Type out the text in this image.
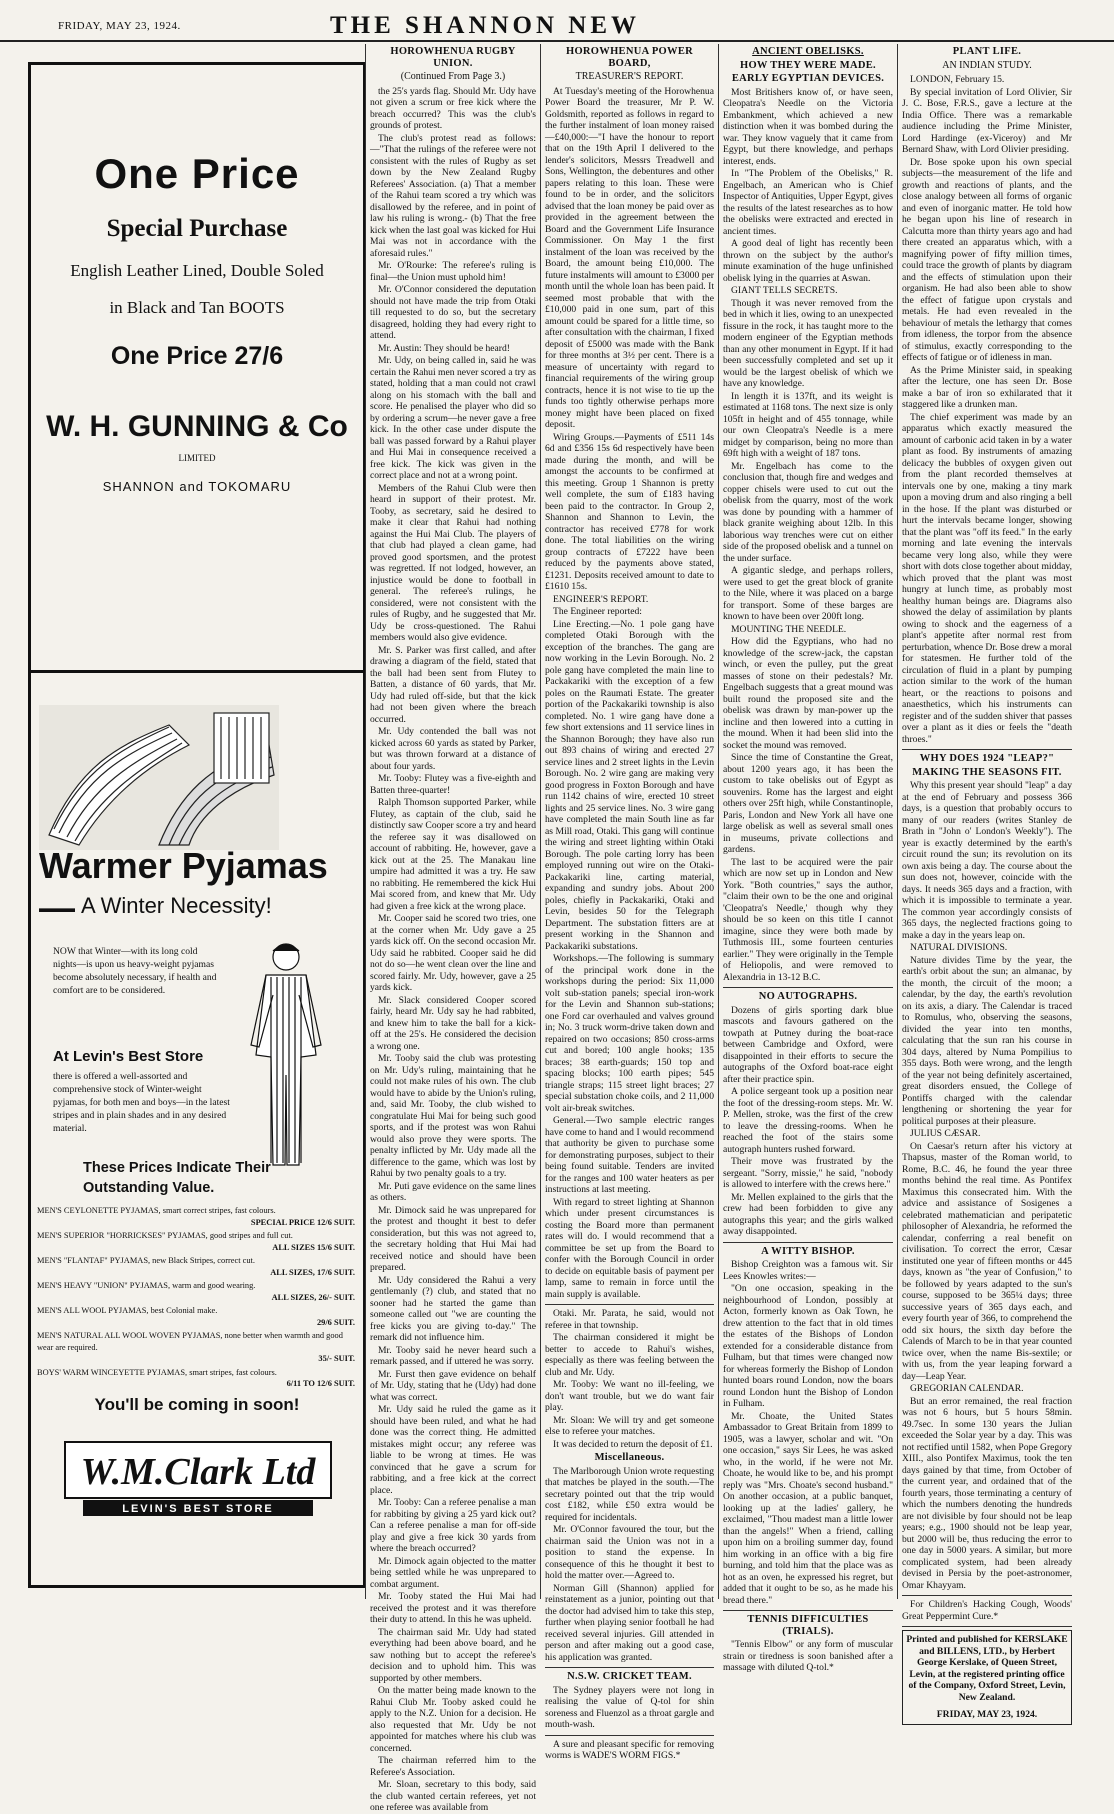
FRIDAY, MAY 23, 1924.	THE SHANNON NEW
One Price
Special Purchase
English Leather Lined, Double Soled
in Black and Tan BOOTS
One Price 27/6
W. H. GUNNING & Co
LIMITED
SHANNON and TOKOMARU
Warmer Pyjamas— A Winter Necessity!
NOW that Winter—with its long cold nights—is upon us heavy-weight pyjamas become absolutely necessary, if health and comfort are to be considered.
At Levin's Best Store
there is offered a well-assorted and comprehensive stock of Winter-weight pyjamas, for both men and boys—in the latest stripes and in plain shades and in any desired material.
These Prices Indicate Their Outstanding Value.
MEN'S CEYLONETTE PYJAMAS, smart correct stripes, fast colours.
SPECIAL PRICE 12/6 SUIT.
MEN'S SUPERIOR "HORRICKSES" PYJAMAS, good stripes and full cut.
ALL SIZES 15/6 SUIT.
MEN'S "FLANTAF" PYJAMAS, new Black Stripes, correct cut.
ALL SIZES, 17/6 SUIT.
MEN'S HEAVY "UNION" PYJAMAS, warm and good wearing.
ALL SIZES, 26/- SUIT.
MEN'S ALL WOOL PYJAMAS, best Colonial make.
29/6 SUIT.
MEN'S NATURAL ALL WOOL WOVEN PYJAMAS, none better when warmth and good wear are required.
35/- SUIT.
BOYS' WARM WINCEYETTE PYJAMAS, smart stripes, fast colours.
6/11 TO 12/6 SUIT.
You'll be coming in soon!
W.M.Clark Ltd
LEVIN'S BEST STORE
HOROWHENUA RUGBY UNION.
(Continued From Page 3.)

the 25's yards flag. Should Mr. Udy have not given a scrum or free kick where the breach occurred? This was the club's grounds of protest.

The club's protest read as follows:—"That the rulings of the referee were not consistent with the rules of Rugby as set down by the New Zealand Rugby Referees' Association. (a) That a member of the Rahui team scored a try which was disallowed by the referee, and in point of law his ruling is wrong.- (b) That the free kick when the last goal was kicked for Hui Mai was not in accordance with the aforesaid rules."

Mr. O'Rourke: The referee's ruling is final—the Union must uphold him!

Mr. O'Connor considered the deputation should not have made the trip from Otaki till requested to do so, but the secretary disagreed, holding they had every right to attend.

Mr. Austin: They should be heard!

Mr. Udy, on being called in, said he was certain the Rahui men never scored a try as stated, holding that a man could not crawl along on his stomach with the ball and score. He penalised the player who did so by ordering a scrum—he never gave a free kick. In the other case under dispute the ball was passed forward by a Rahui player and Hui Mai in consequence received a free kick. The kick was given in the correct place and not at a wrong point.

Members of the Rahui Club were then heard in support of their protest. Mr. Tooby, as secretary, said he desired to make it clear that Rahui had nothing against the Hui Mai Club. The players of that club had played a clean game, had proved good sportsmen, and the protest was regretted. If not lodged, however, an injustice would be done to football in general. The referee's rulings, he considered, were not consistent with the rules of Rugby, and he suggested that Mr. Udy be cross-questioned. The Rahui members would also give evidence.

Mr. S. Parker was first called, and after drawing a diagram of the field, stated that the ball had been sent from Flutey to Batten, a distance of 60 yards, that Mr. Udy had ruled off-side, but that the kick had not been given where the breach occurred.

Mr. Udy contended the ball was not kicked across 60 yards as stated by Parker, but was thrown forward at a distance of about four yards.

Mr. Tooby: Flutey was a five-eighth and Batten three-quarter!

Ralph Thomson supported Parker, while Flutey, as captain of the club, said he distinctly saw Cooper score a try and heard the referee say it was disallowed on account of rabbiting. He, however, gave a kick out at the 25. The Manakau line umpire had admitted it was a try. He saw no rabbiting. He remembered the kick Hui Mai scored from, and knew that Mr. Udy had given a free kick at the wrong place.

Mr. Cooper said he scored two tries, one at the corner when Mr. Udy gave a 25 yards kick off. On the second occasion Mr. Udy said he rabbited. Cooper said he did not do so—he went clean over the line and scored fairly. Mr. Udy, however, gave a 25 yards kick.

Mr. Slack considered Cooper scored fairly, heard Mr. Udy say he had rabbited, and knew him to take the ball for a kick-off at the 25's. He considered the decision a wrong one.

Mr. Tooby said the club was protesting on Mr. Udy's ruling, maintaining that he could not make rules of his own. The club would have to abide by the Union's ruling, and, said Mr. Tooby, the club wished to congratulate Hui Mai for being such good sports, and if the protest was won Rahui would also prove they were sports. The penalty inflicted by Mr. Udy made all the difference to the game, which was lost by Rahui by two penalty goals to a try.

Mr. Puti gave evidence on the same lines as others.

Mr. Dimock said he was unprepared for the protest and thought it best to defer consideration, but this was not agreed to, the secretary holding that Hui Mai had received notice and should have been prepared.

Mr. Udy considered the Rahui a very gentlemanly (?) club, and stated that no sooner had he started the game than someone called out "we are counting the free kicks you are giving to-day." The remark did not influence him.

Mr. Tooby said he never heard such a remark passed, and if uttered he was sorry.

Mr. Furst then gave evidence on behalf of Mr. Udy, stating that he (Udy) had done what was correct.

Mr. Udy said he ruled the game as it should have been ruled, and what he had done was the correct thing. He admitted mistakes might occur; any referee was liable to be wrong at times. He was convinced that he gave a scrum for rabbiting, and a free kick at the correct place.

Mr. Tooby: Can a referee penalise a man for rabbiting by giving a 25 yard kick out? Can a referee penalise a man for off-side play and give a free kick 30 yards from where the breach occurred?

Mr. Dimock again objected to the matter being settled while he was unprepared to combat argument.

Mr. Tooby stated the Hui Mai had received the protest and it was therefore their duty to attend. In this he was upheld.

The chairman said Mr. Udy had stated everything had been above board, and he saw nothing but to accept the referee's decision and to uphold him. This was supported by other members.

On the matter being made known to the Rahui Club Mr. Tooby asked could he apply to the N.Z. Union for a decision. He also requested that Mr. Udy be not appointed for matches where his club was concerned.

The chairman referred him to the Referee's Association.

Mr. Sloan, secretary to this body, said the club wanted certain referees, yet not one referee was available from

HOROWHENUA POWER BOARD,
TREASURER'S REPORT.

At Tuesday's meeting of the Horowhenua Power Board the treasurer, Mr P. W. Goldsmith, reported as follows in regard to the further instalment of loan money raised—£40,000:—"I have the honour to report that on the 19th April I delivered to the lender's solicitors, Messrs Treadwell and Sons, Wellington, the debentures and other papers relating to this loan. These were found to be in order, and the solicitors advised that the loan money be paid over as provided in the agreement between the Board and the Government Life Insurance Commissioner. On May 1 the first instalment of the loan was received by the Board, the amount being £10,000. The future instalments will amount to £3000 per month until the whole loan has been paid. It seemed most probable that with the £10,000 paid in one sum, part of this amount could be spared for a little time, so after consultation with the chairman, I fixed deposit of £5000 was made with the Bank for three months at 3½ per cent. There is a measure of uncertainty with regard to financial requirements of the wiring group contracts, hence it is not wise to tie up the funds too tightly otherwise perhaps more money might have been placed on fixed deposit.

Wiring Groups.—Payments of £511 14s 6d and £356 15s 6d respectively have been made during the month, and will be amongst the accounts to be confirmed at this meeting. Group 1 Shannon is pretty well complete, the sum of £183 having been paid to the contractor. In Group 2, Shannon and Shannon to Levin, the contractor has received £778 for work done. The total liabilities on the wiring group contracts of £7222 have been reduced by the payments above stated, £1231. Deposits received amount to date to £1610 15s.

ENGINEER'S REPORT.

The Engineer reported:

Line Erecting.—No. 1 pole gang have completed Otaki Borough with the exception of the branches. The gang are now working in the Levin Borough. No. 2 pole gang have completed the main line to Packakariki with the exception of a few poles on the Raumati Estate. The greater portion of the Packakariki township is also completed. No. 1 wire gang have done a few short extensions and 11 service lines in the Shannon Borough; they have also run out 893 chains of wiring and erected 27 service lines and 2 street lights in the Levin Borough. No. 2 wire gang are making very good progress in Foxton Borough and have run 1142 chains of wire, erected 10 street lights and 25 service lines. No. 3 wire gang have completed the main South line as far as Mill road, Otaki. This gang will continue the wiring and street lighting within Otaki Borough. The pole carting lorry has been employed running out wire on the Otaki-Packakariki line, carting material, expanding and sundry jobs. About 200 poles, chiefly in Packakariki, Otaki and Levin, besides 50 for the Telegraph Department. The substation fitters are at present working in the Shannon and Packakariki substations.

Workshops.—The following is summary of the principal work done in the workshops during the period: Six 11,000 volt sub-station panels; special iron-work for the Levin and Shannon sub-stations; one Ford car overhauled and valves ground in; No. 3 truck worm-drive taken down and repaired on two occasions; 850 cross-arms cut and bored; 100 angle hooks; 135 braces; 38 earth-guards; 150 top and spacing blocks; 100 earth pipes; 545 triangle straps; 115 street light braces; 27 special substation choke coils, and 2 11,000 volt air-break switches.

General.—Two sample electric ranges have come to hand and I would recommend that authority be given to purchase some for demonstrating purposes, subject to their being found suitable. Tenders are invited for the ranges and 100 water heaters as per instructions at last meeting.

With regard to street lighting at Shannon which under present circumstances is costing the Board more than permanent rates will do. I would recommend that a committee be set up from the Board to confer with the Borough Council in order to decide on equitable basis of payment per lamp, same to remain in force until the main supply is available.

Otaki. Mr. Parata, he said, would not referee in that township.

The chairman considered it might be better to accede to Rahui's wishes, especially as there was feeling between the club and Mr. Udy.

Mr. Tooby: We want no ill-feeling, we don't want trouble, but we do want fair play.

Mr. Sloan: We will try and get someone else to referee your matches.

It was decided to return the deposit of £1.

Miscellaneous.

The Marlborough Union wrote requesting that matches be played in the south.—The secretary pointed out that the trip would cost £182, while £50 extra would be required for incidentals.

Mr. O'Connor favoured the tour, but the chairman said the Union was not in a position to stand the expense. In consequence of this he thought it best to hold the matter over.—Agreed to.

Norman Gill (Shannon) applied for reinstatement as a junior, pointing out that the doctor had advised him to take this step, further when playing senior football he had received several injuries. Gill attended in person and after making out a good case, his application was granted.

N.S.W. CRICKET TEAM.

The Sydney players were not long in realising the value of Q-tol for shin soreness and Fluenzol as a throat gargle and mouth-wash.

A sure and pleasant specific for removing worms is WADE'S WORM FIGS.*

ANCIENT OBELISKS.
HOW THEY WERE MADE.
EARLY EGYPTIAN DEVICES.

Most Britishers know of, or have seen, Cleopatra's Needle on the Victoria Embankment, which achieved a new distinction when it was bombed during the war. They know vaguely that it came from Egypt, but there knowledge, and perhaps interest, ends.

In "The Problem of the Obelisks," R. Engelbach, an American who is Chief Inspector of Antiquities, Upper Egypt, gives the results of the latest researches as to how the obelisks were extracted and erected in ancient times.

A good deal of light has recently been thrown on the subject by the author's minute examination of the huge unfinished obelisk lying in the quarries at Aswan.

GIANT TELLS SECRETS.

Though it was never removed from the bed in which it lies, owing to an unexpected fissure in the rock, it has taught more to the modern engineer of the Egyptian methods than any other monument in Egypt. If it had been successfully completed and set up it would be the largest obelisk of which we have any knowledge.

In length it is 137ft, and its weight is estimated at 1168 tons. The next size is only 105ft in height and of 455 tonnage, while our own Cleopatra's Needle is a mere midget by comparison, being no more than 69ft high with a weight of 187 tons.

Mr. Engelbach has come to the conclusion that, though fire and wedges and copper chisels were used to cut out the obelisk from the quarry, most of the work was done by pounding with a hammer of black granite weighing about 12lb. In this laborious way trenches were cut on either side of the proposed obelisk and a tunnel on the under surface.

A gigantic sledge, and perhaps rollers, were used to get the great block of granite to the Nile, where it was placed on a barge for transport. Some of these barges are known to have been over 200ft long.

MOUNTING THE NEEDLE.

How did the Egyptians, who had no knowledge of the screw-jack, the capstan winch, or even the pulley, put the great masses of stone on their pedestals? Mr. Engelbach suggests that a great mound was built round the proposed site and the obelisk was drawn by man-power up the incline and then lowered into a cutting in the mound. When it had been slid into the socket the mound was removed.

Since the time of Constantine the Great, about 1200 years ago, it has been the custom to take obelisks out of Egypt as souvenirs. Rome has the largest and eight others over 25ft high, while Constantinople, Paris, London and New York all have one large obelisk as well as several small ones in museums, private collections and gardens.

The last to be acquired were the pair which are now set up in London and New York. "Both countries," says the author, "claim their own to be the one and original 'Cleopatra's Needle,' though why they should be so keen on this title I cannot imagine, since they were both made by Tuthmosis III., some fourteen centuries earlier." They were originally in the Temple of Heliopolis, and were removed to Alexandria in 13-12 B.C.

NO AUTOGRAPHS.

Dozens of girls sporting dark blue mascots and favours gathered on the towpath at Putney during the boat-race between Cambridge and Oxford, were disappointed in their efforts to secure the autographs of the Oxford boat-race eight after their practice spin.

A police sergeant took up a position near the foot of the dressing-room steps. Mr. W. P. Mellen, stroke, was the first of the crew to leave the dressing-rooms. When he reached the foot of the stairs some autograph hunters rushed forward.

Their move was frustrated by the sergeant. "Sorry, missie," he said, "nobody is allowed to interfere with the crews here."

Mr. Mellen explained to the girls that the crew had been forbidden to give any autographs this year; and the girls walked away disappointed.

A WITTY BISHOP.

Bishop Creighton was a famous wit. Sir Lees Knowles writes:—

"On one occasion, speaking in the neighbourhood of London, possibly at Acton, formerly known as Oak Town, he drew attention to the fact that in old times the estates of the Bishops of London extended for a considerable distance from Fulham, but that times were changed now for whereas formerly the Bishop of London hunted boars round London, now the boars round London hunt the Bishop of London in Fulham.

Mr. Choate, the United States Ambassador to Great Britain from 1899 to 1905, was a lawyer, scholar and wit. "On one occasion," says Sir Lees, he was asked who, in the world, if he were not Mr. Choate, he would like to be, and his prompt reply was "Mrs. Choate's second husband." On another occasion, at a public banquet, looking up at the ladies' gallery, he exclaimed, "Thou madest man a little lower than the angels!" When a friend, calling upon him on a broiling summer day, found him working in an office with a big fire burning, and told him that the place was as hot as an oven, he expressed his regret, but added that it ought to be so, as he made his bread there."

TENNIS DIFFICULTIES (TRIALS).

"Tennis Elbow" or any form of muscular strain or tiredness is soon banished after a massage with diluted Q-tol.*

PLANT LIFE.
AN INDIAN STUDY.

LONDON, February 15.

By special invitation of Lord Olivier, Sir J. C. Bose, F.R.S., gave a lecture at the India Office. There was a remarkable audience including the Prime Minister, Lord Hardinge (ex-Viceroy) and Mr Bernard Shaw, with Lord Olivier presiding.

Dr. Bose spoke upon his own special subjects—the measurement of the life and growth and reactions of plants, and the close analogy between all forms of organic and even of inorganic matter. He told how he began upon his line of research in Calcutta more than thirty years ago and had there created an apparatus which, with a magnifying power of fifty million times, could trace the growth of plants by diagram and the effects of stimulation upon their organism. He had also been able to show the effect of fatigue upon crystals and metals. He had even revealed in the behaviour of metals the lethargy that comes from idleness, the torpor from the absence of stimulus, exactly corresponding to the effects of fatigue or of idleness in man.

As the Prime Minister said, in speaking after the lecture, one has seen Dr. Bose make a bar of iron so exhilarated that it staggered like a drunken man.

The chief experiment was made by an apparatus which exactly measured the amount of carbonic acid taken in by a water plant as food. By instruments of amazing delicacy the bubbles of oxygen given out from the plant recorded themselves at intervals one by one, making a tiny mark upon a moving drum and also ringing a bell in the hose. If the plant was disturbed or hurt the intervals became longer, showing that the plant was "off its feed." In the early morning and late evening the intervals became very long also, while they were short with dots close together about midday, which proved that the plant was most hungry at lunch time, as probably most healthy human beings are. Diagrams also showed the delay of assimilation by plants owing to shock and the eagerness of a plant's appetite after normal rest from perturbation, whence Dr. Bose drew a moral for statesmen. He further told of the circulation of fluid in a plant by pumping action similar to the work of the human heart, or the reactions to poisons and anaesthetics, which his instruments can register and of the sudden shiver that passes over a plant as it dies or feels the "death throes."

WHY DOES 1924 "LEAP?"
MAKING THE SEASONS FIT.

Why this present year should "leap" a day at the end of February and possess 366 days, is a question that probably occurs to many of our readers (writes Stanley de Brath in "John o' London's Weekly"). The year is exactly determined by the earth's circuit round the sun; its revolution on its own axis being a day. The course about the sun does not, however, coincide with the days. It needs 365 days and a fraction, with which it is impossible to terminate a year. The common year accordingly consists of 365 days, the neglected fractions going to make a day in the years leap on.

NATURAL DIVISIONS.

Nature divides Time by the year, the earth's orbit about the sun; an almanac, by the month, the circuit of the moon; a calendar, by the day, the earth's revolution on its axis, a diary. The Calendar is traced to Romulus, who, observing the seasons, divided the year into ten months, calculating that the sun ran his course in 304 days, altered by Numa Pompilius to 355 days. Both were wrong, and the length of the year not being definitely ascertained, great disorders ensued, the College of Pontiffs charged with the calendar lengthening or shortening the year for political purposes at their pleasure.

JULIUS CÆSAR.

On Caesar's return after his victory at Thapsus, master of the Roman world, to Rome, B.C. 46, he found the year three months behind the real time. As Pontifex Maximus this consecrated him. With the advice and assistance of Sosigenes a celebrated mathematician and peripatetic philosopher of Alexandria, he reformed the calendar, conferring a real benefit on civilisation. To correct the error, Cæsar instituted one year of fifteen months or 445 days, known as "the year of Confusion," to be followed by years adapted to the sun's course, supposed to be 365¼ days; three successive years of 365 days each, and every fourth year of 366, to comprehend the odd six hours, the sixth day before the Calends of March to be in that year counted twice over, when the name Bis-sextile; or with us, from the year leaping forward a day—Leap Year.

GREGORIAN CALENDAR.

But an error remained, the real fraction was not 6 hours, but 5 hours 58min. 49.7sec. In some 130 years the Julian exceeded the Solar year by a day. This was not rectified until 1582, when Pope Gregory XIII., also Pontifex Maximus, took the ten days gained by that time, from October of the current year, and ordained that of the fourth years, those terminating a century of which the numbers denoting the hundreds are not divisible by four should not be leap years; e.g., 1900 should not be leap year, but 2000 will be, thus reducing the error to one day in 5000 years. A similar, but more complicated system, had been already devised in Persia by the poet-astronomer, Omar Khayyam.

For Children's Hacking Cough, Woods' Great Peppermint Cure.*

Printed and published for KERSLAKE and BILLENS, LTD., by Herbert George Kerslake, of Queen Street, Levin, at the registered printing office of the Company, Oxford Street, Levin, New Zealand.
FRIDAY, MAY 23, 1924.
